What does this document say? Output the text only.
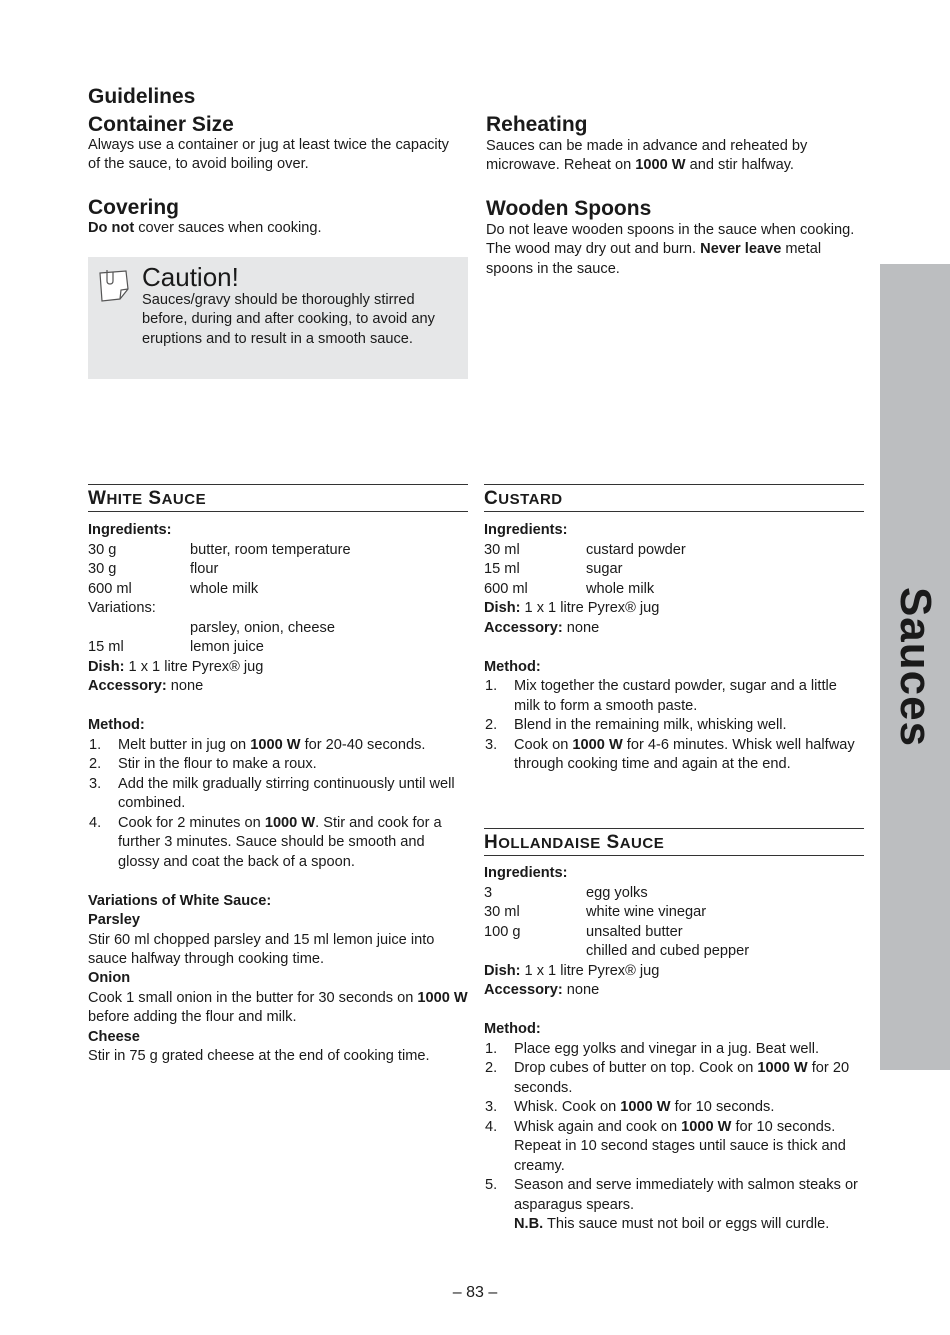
Guidelines
Container Size
Always use a container or jug at least twice the capacity of the sauce, to avoid boiling over.
Covering
Do not cover sauces when cooking.
Caution!
Sauces/gravy should be thoroughly stirred before, during and after cooking, to avoid any eruptions and to result in a smooth sauce.
Reheating
Sauces can be made in advance and reheated by microwave. Reheat on 1000 W and stir halfway.
Wooden Spoons
Do not leave wooden spoons in the sauce when cooking. The wood may dry out and burn. Never leave metal spoons in the sauce.
WHITE SAUCE
Ingredients:
30 g	butter, room temperature
30 g	flour
600 ml	whole milk
Variations:
parsley, onion, cheese
15 ml	lemon juice
Dish: 1 x 1 litre Pyrex® jug
Accessory: none
Method:
1. Melt butter in jug on 1000 W for 20-40 seconds.
2. Stir in the flour to make a roux.
3. Add the milk gradually stirring continuously until well combined.
4. Cook for 2 minutes on 1000 W. Stir and cook for a further 3 minutes. Sauce should be smooth and glossy and coat the back of a spoon.
Variations of White Sauce:
Parsley
Stir 60 ml chopped parsley and 15 ml lemon juice into sauce halfway through cooking time.
Onion
Cook 1 small onion in the butter for 30 seconds on 1000 W before adding the flour and milk.
Cheese
Stir in 75 g grated cheese at the end of cooking time.
CUSTARD
Ingredients:
30 ml	custard powder
15 ml	sugar
600 ml	whole milk
Dish: 1 x 1 litre Pyrex® jug
Accessory: none
Method:
1. Mix together the custard powder, sugar and a little milk to form a smooth paste.
2. Blend in the remaining milk, whisking well.
3. Cook on 1000 W for 4-6 minutes. Whisk well halfway through cooking time and again at the end.
HOLLANDAISE SAUCE
Ingredients:
3	egg yolks
30 ml	white wine vinegar
100 g	unsalted butter
chilled and cubed pepper
Dish: 1 x 1 litre Pyrex® jug
Accessory: none
Method:
1. Place egg yolks and vinegar in a jug. Beat well.
2. Drop cubes of butter on top. Cook on 1000 W for 20 seconds.
3. Whisk. Cook on 1000 W for 10 seconds.
4. Whisk again and cook on 1000 W for 10 seconds. Repeat in 10 second stages until sauce is thick and creamy.
5. Season and serve immediately with salmon steaks or asparagus spears.
N.B. This sauce must not boil or eggs will curdle.
Sauces
– 83 –
